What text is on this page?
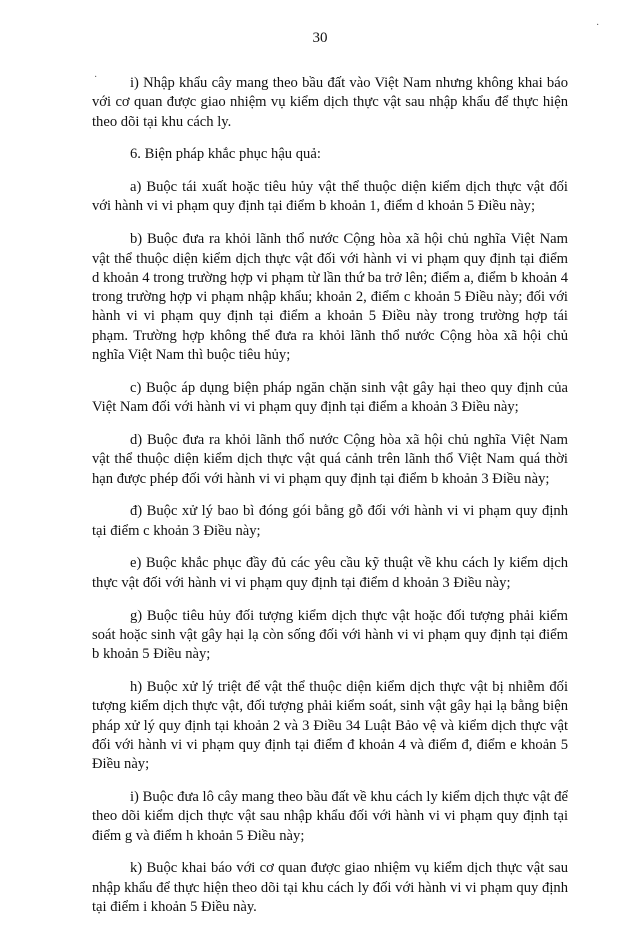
30

i) Nhập khẩu cây mang theo bầu đất vào Việt Nam nhưng không khai báo với cơ quan được giao nhiệm vụ kiểm dịch thực vật sau nhập khẩu để thực hiện theo dõi tại khu cách ly.

6. Biện pháp khắc phục hậu quả:

a) Buộc tái xuất hoặc tiêu hủy vật thể thuộc diện kiểm dịch thực vật đối với hành vi vi phạm quy định tại điểm b khoản 1, điểm d khoản 5 Điều này;

b) Buộc đưa ra khỏi lãnh thổ nước Cộng hòa xã hội chủ nghĩa Việt Nam vật thể thuộc diện kiểm dịch thực vật đối với hành vi vi phạm quy định tại điểm d khoản 4 trong trường hợp vi phạm từ lần thứ ba trở lên; điểm a, điểm b khoản 4 trong trường hợp vi phạm nhập khẩu; khoản 2, điểm c khoản 5 Điều này; đối với hành vi vi phạm quy định tại điểm a khoản 5 Điều này trong trường hợp tái phạm. Trường hợp không thể đưa ra khỏi lãnh thổ nước Cộng hòa xã hội chủ nghĩa Việt Nam thì buộc tiêu hủy;

c) Buộc áp dụng biện pháp ngăn chặn sinh vật gây hại theo quy định của Việt Nam đối với hành vi vi phạm quy định tại điểm a khoản 3 Điều này;

d) Buộc đưa ra khỏi lãnh thổ nước Cộng hòa xã hội chủ nghĩa Việt Nam vật thể thuộc diện kiểm dịch thực vật quá cảnh trên lãnh thổ Việt Nam quá thời hạn được phép đối với hành vi vi phạm quy định tại điểm b khoản 3 Điều này;

đ) Buộc xử lý bao bì đóng gói bằng gỗ đối với hành vi vi phạm quy định tại điểm c khoản 3 Điều này;

e) Buộc khắc phục đầy đủ các yêu cầu kỹ thuật về khu cách ly kiểm dịch thực vật đối với hành vi vi phạm quy định tại điểm d khoản 3 Điều này;

g) Buộc tiêu hủy đối tượng kiểm dịch thực vật hoặc đối tượng phải kiểm soát hoặc sinh vật gây hại lạ còn sống đối với hành vi vi phạm quy định tại điểm b khoản 5 Điều này;

h) Buộc xử lý triệt để vật thể thuộc diện kiểm dịch thực vật bị nhiễm đối tượng kiểm dịch thực vật, đối tượng phải kiểm soát, sinh vật gây hại lạ bằng biện pháp xử lý quy định tại khoản 2 và 3 Điều 34 Luật Bảo vệ và kiểm dịch thực vật đối với hành vi vi phạm quy định tại điểm đ khoản 4 và điểm đ, điểm e khoản 5 Điều này;

i) Buộc đưa lô cây mang theo bầu đất về khu cách ly kiểm dịch thực vật để theo dõi kiểm dịch thực vật sau nhập khẩu đối với hành vi vi phạm quy định tại điểm g và điểm h khoản 5 Điều này;

k) Buộc khai báo với cơ quan được giao nhiệm vụ kiểm dịch thực vật sau nhập khẩu để thực hiện theo dõi tại khu cách ly đối với hành vi vi phạm quy định tại điểm i khoản 5 Điều này.

·
·
